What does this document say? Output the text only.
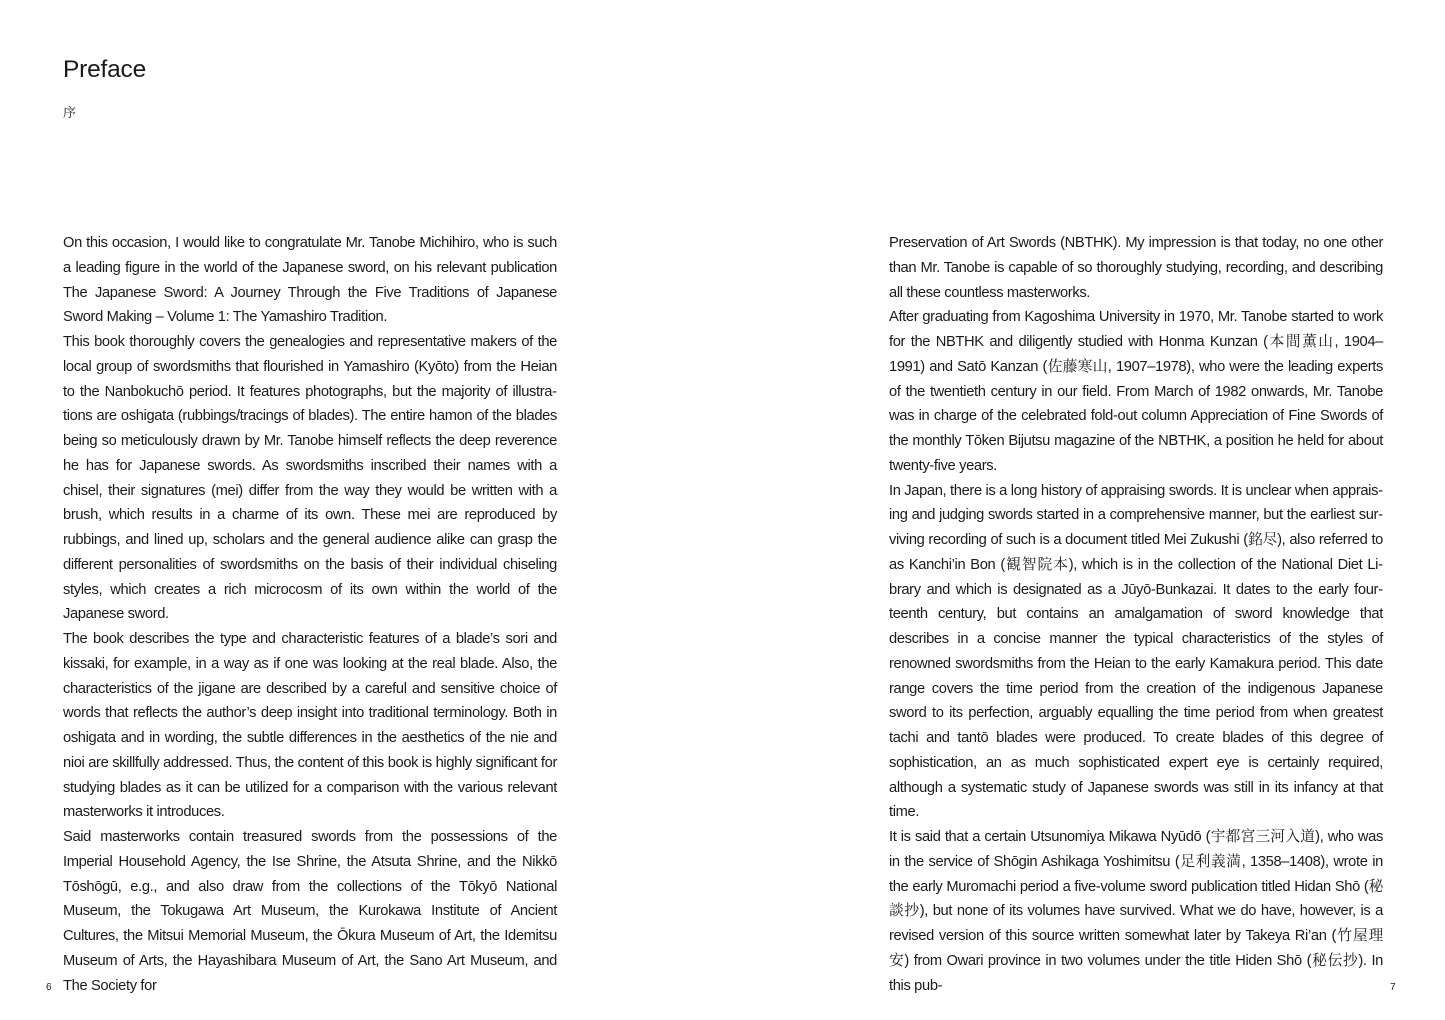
Preface
序

On this occasion, I would like to congratulate Mr. Tanobe Michihiro, who is such a leading figure in the world of the Japanese sword, on his relevant publication The Japanese Sword: A Journey Through the Five Traditions of Japanese Sword Making – Volume 1: The Yamashiro Tradition.

This book thoroughly covers the genealogies and representative makers of the local group of swordsmiths that flourished in Yamashiro (Kyōto) from the Heian to the Nanbokuchō period. It features photographs, but the majority of illustrations are oshigata (rubbings/tracings of blades). The entire hamon of the blades being so meticulously drawn by Mr. Tanobe himself reflects the deep reverence he has for Japanese swords. As swordsmiths inscribed their names with a chisel, their signatures (mei) differ from the way they would be written with a brush, which results in a charme of its own. These mei are reproduced by rubbings, and lined up, scholars and the general audience alike can grasp the different personalities of swordsmiths on the basis of their individual chiseling styles, which creates a rich microcosm of its own within the world of the Japanese sword.

The book describes the type and characteristic features of a blade’s sori and kissaki, for example, in a way as if one was looking at the real blade. Also, the characteristics of the jigane are described by a careful and sensitive choice of words that reflects the author’s deep insight into traditional terminology. Both in oshigata and in wording, the subtle differences in the aesthetics of the nie and nioi are skillfully addressed. Thus, the content of this book is highly significant for studying blades as it can be utilized for a comparison with the various relevant masterworks it introduces.

Said masterworks contain treasured swords from the possessions of the Imperial Household Agency, the Ise Shrine, the Atsuta Shrine, and the Nikkō Tōshōgū, e.g., and also draw from the collections of the Tōkyō National Museum, the Tokugawa Art Museum, the Kurokawa Institute of Ancient Cultures, the Mitsui Memorial Museum, the Ōkura Museum of Art, the Idemitsu Museum of Arts, the Hayashibara Museum of Art, the Sano Art Museum, and The Society for

Preservation of Art Swords (NBTHK). My impression is that today, no one other than Mr. Tanobe is capable of so thoroughly studying, recording, and describing all these countless masterworks.

After graduating from Kagoshima University in 1970, Mr. Tanobe started to work for the NBTHK and diligently studied with Honma Kunzan (本間薫山, 1904–1991) and Satō Kanzan (佐藤寒山, 1907–1978), who were the leading experts of the twentieth century in our field. From March of 1982 onwards, Mr. Tanobe was in charge of the celebrated fold-out column Appreciation of Fine Swords of the monthly Tōken Bijutsu magazine of the NBTHK, a position he held for about twenty-five years.

In Japan, there is a long history of appraising swords. It is unclear when appraising and judging swords started in a comprehensive manner, but the earliest surviving recording of such is a document titled Mei Zukushi (銘尽), also referred to as Kanchi’in Bon (観智院本), which is in the collection of the National Diet Library and which is designated as a Jūyō-Bunkazai. It dates to the early fourteenth century, but contains an amalgamation of sword knowledge that describes in a concise manner the typical characteristics of the styles of renowned swordsmiths from the Heian to the early Kamakura period. This date range covers the time period from the creation of the indigenous Japanese sword to its perfection, arguably equalling the time period from when greatest tachi and tantō blades were produced. To create blades of this degree of sophistication, an as much sophisticated expert eye is certainly required, although a systematic study of Japanese swords was still in its infancy at that time.

It is said that a certain Utsunomiya Mikawa Nyūdō (宇都宮三河入道), who was in the service of Shōgin Ashikaga Yoshimitsu (足利義満, 1358–1408), wrote in the early Muromachi period a five-volume sword publication titled Hidan Shō (秘談抄), but none of its volumes have survived. What we do have, however, is a revised version of this source written somewhat later by Takeya Ri’an (竹屋理安) from Owari province in two volumes under the title Hiden Shō (秘伝抄). In this pub-

6	7
